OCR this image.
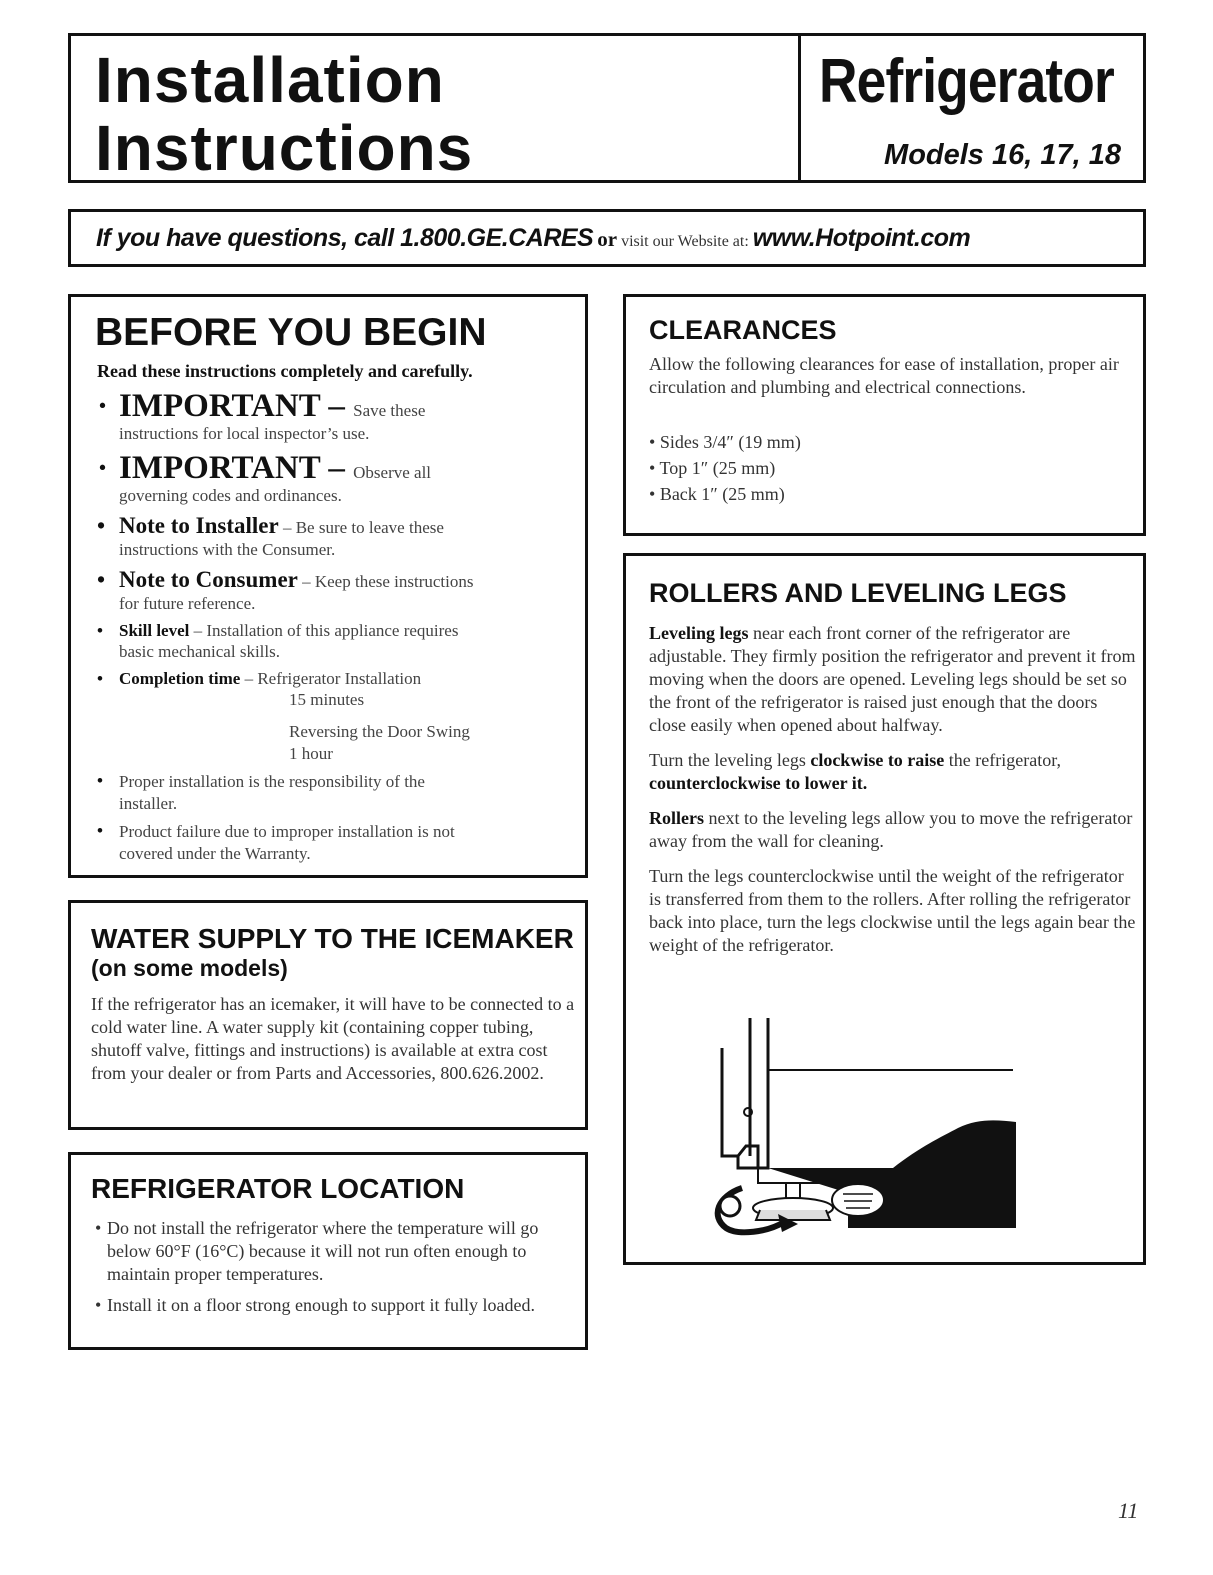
Installation
Instructions
Refrigerator
Models 16, 17, 18
If you have questions, call 1.800.GE.CARES or visit our Website at: www.Hotpoint.com
BEFORE YOU BEGIN
Read these instructions completely and carefully.
· IMPORTANT – Save these
instructions for local inspector’s use.
· IMPORTANT – Observe all
governing codes and ordinances.
• Note to Installer – Be sure to leave these
instructions with the Consumer.
• Note to Consumer – Keep these instructions
for future reference.
• Skill level – Installation of this appliance requires
basic mechanical skills.
• Completion time – Refrigerator Installation
15 minutes
Reversing the Door Swing
1 hour
• Proper installation is the responsibility of the
installer.
• Product failure due to improper installation is not
covered under the Warranty.
WATER SUPPLY TO THE ICEMAKER
(on some models)
If the refrigerator has an icemaker, it will have to be connected to a cold water line. A water supply kit (containing copper tubing, shutoff valve, fittings and instructions) is available at extra cost from your dealer or from Parts and Accessories, 800.626.2002.
REFRIGERATOR LOCATION
• Do not install the refrigerator where the temperature will go below 60°F (16°C) because it will not run often enough to maintain proper temperatures.
• Install it on a floor strong enough to support it fully loaded.
CLEARANCES
Allow the following clearances for ease of installation, proper air circulation and plumbing and electrical connections.
• Sides 3/4″ (19 mm)
• Top 1″ (25 mm)
• Back 1″ (25 mm)
ROLLERS AND LEVELING LEGS

Leveling legs near each front corner of the refrigerator are adjustable. They firmly position the refrigerator and prevent it from moving when the doors are opened. Leveling legs should be set so the front of the refrigerator is raised just enough that the doors close easily when opened about halfway.

Turn the leveling legs clockwise to raise the refrigerator, counterclockwise to lower it.

Rollers next to the leveling legs allow you to move the refrigerator away from the wall for cleaning.

Turn the legs counterclockwise until the weight of the refrigerator is transferred from them to the rollers. After rolling the refrigerator back into place, turn the legs clockwise until the legs again bear the weight of the refrigerator.

11
